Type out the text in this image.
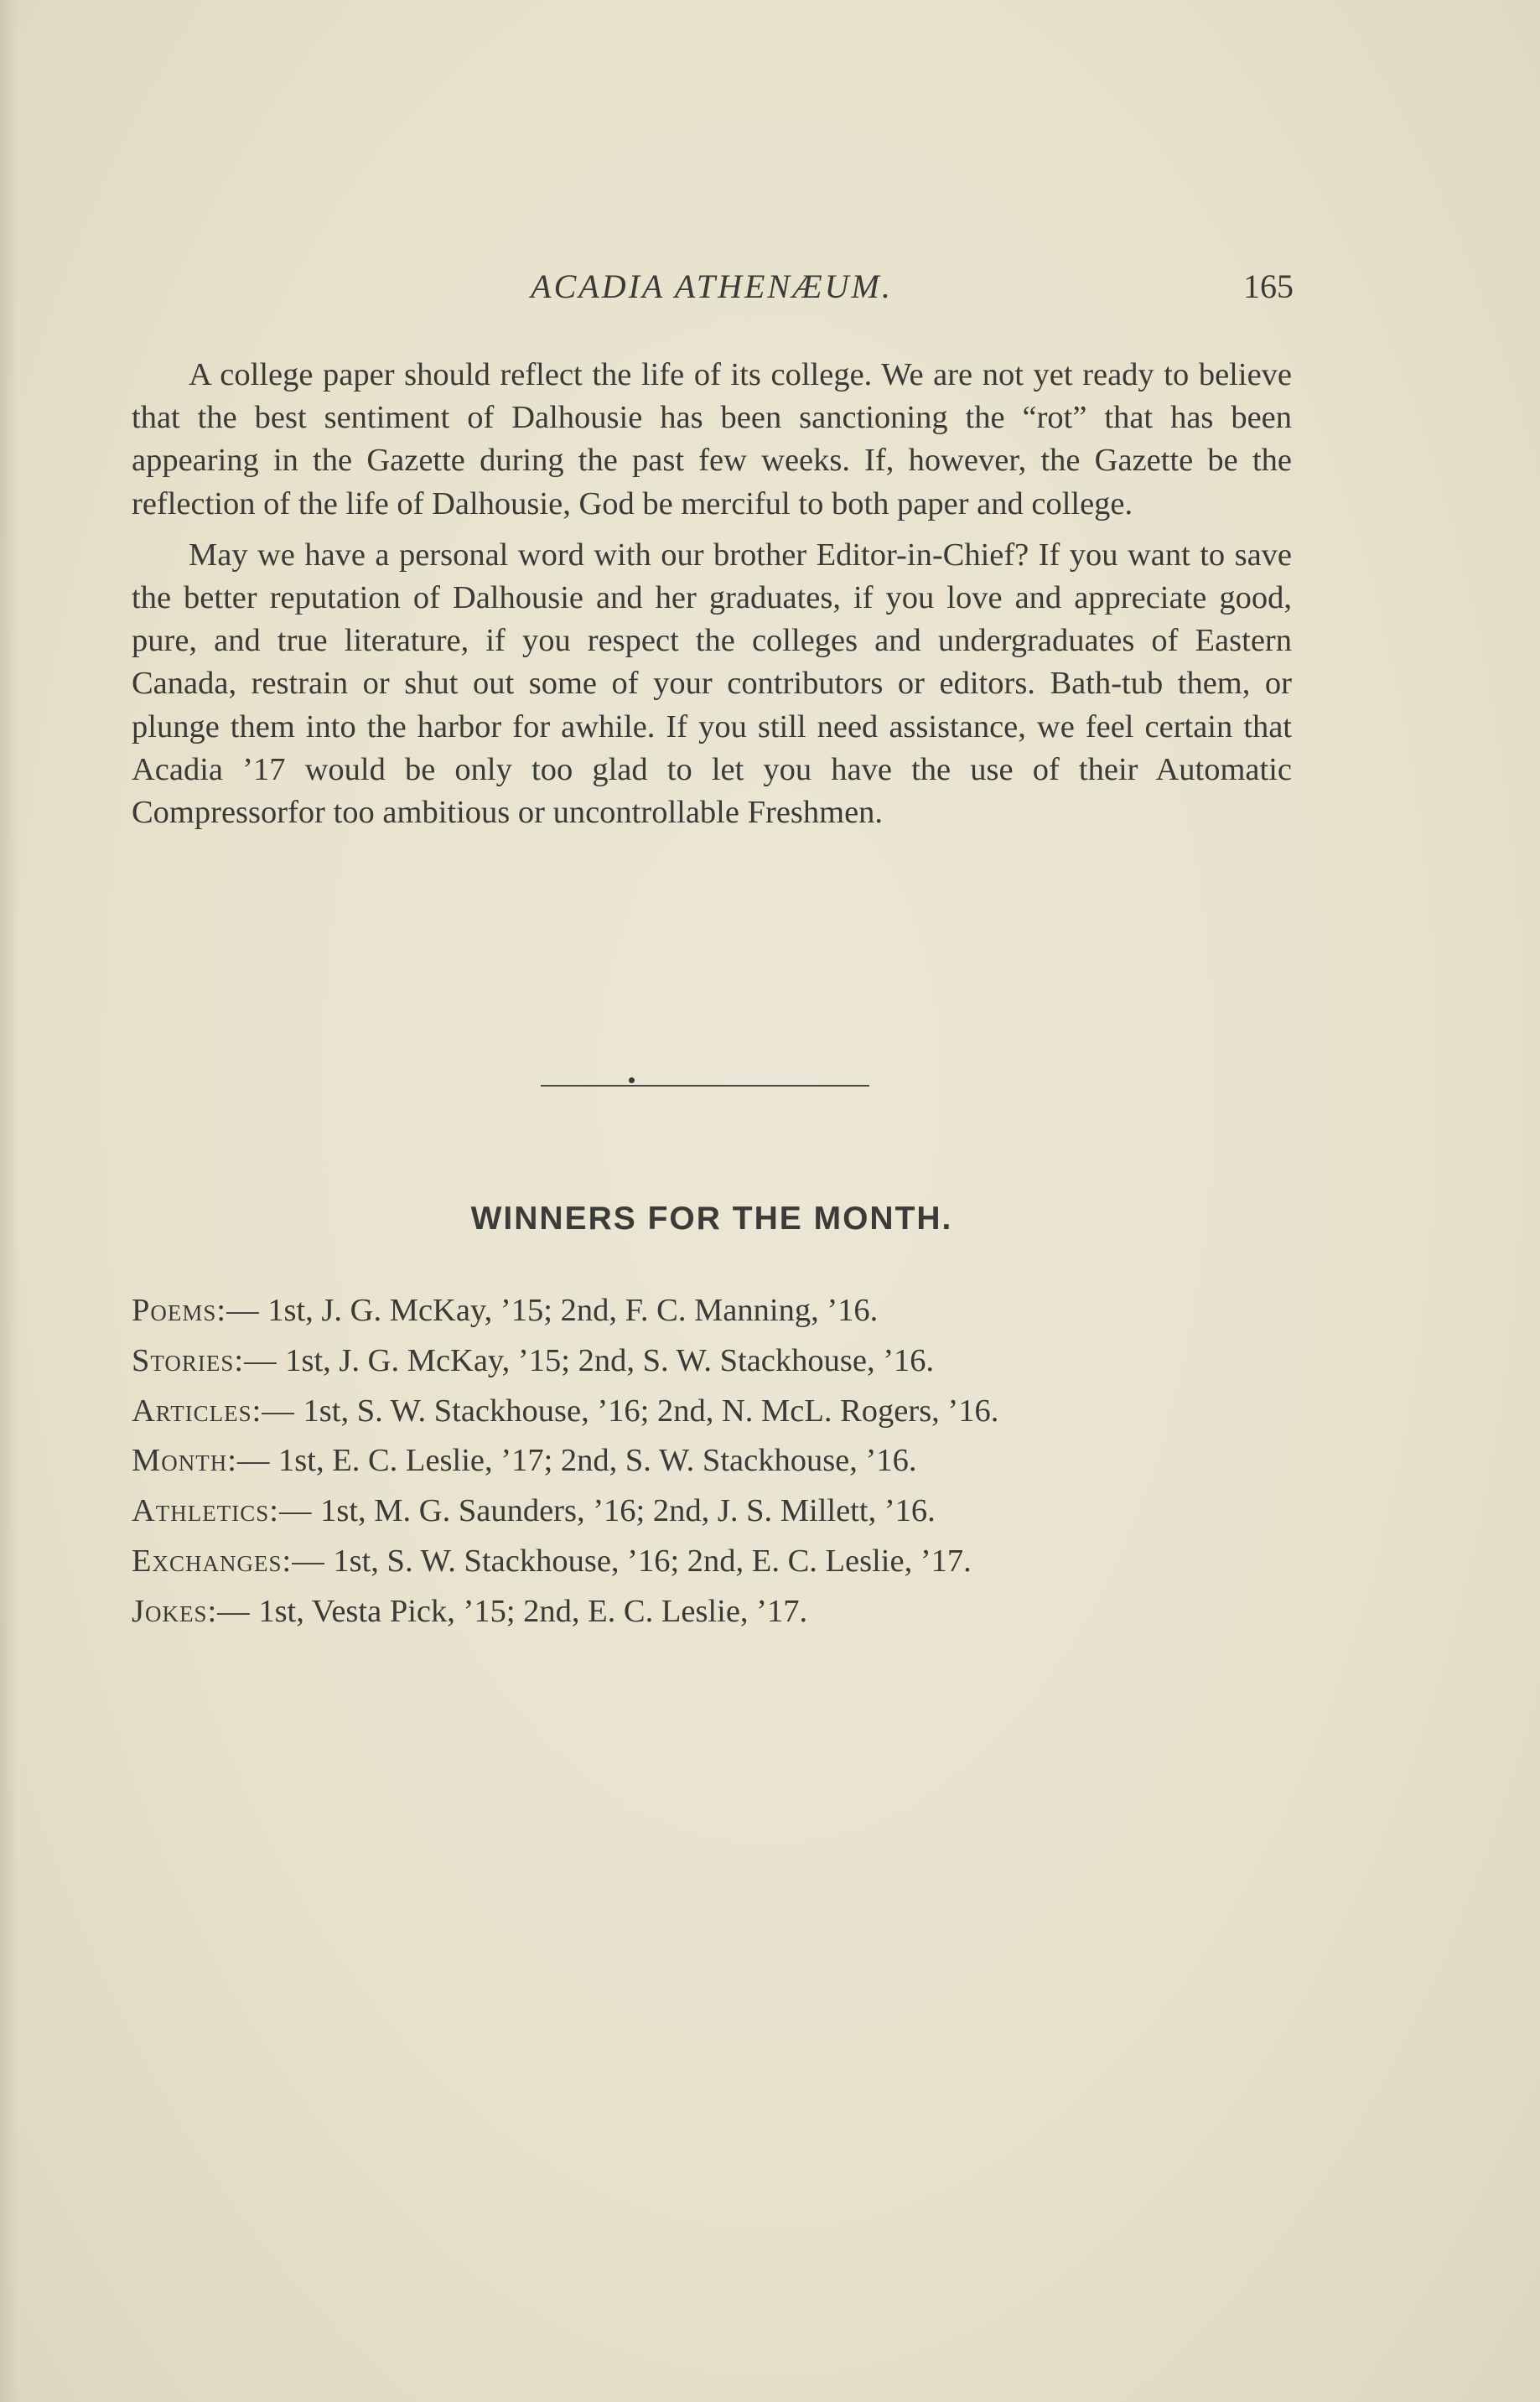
ACADIA ATHENÆUM.	165

A college paper should reflect the life of its college. We are not yet ready to believe that the best sentiment of Dalhousie has been sanctioning the “rot” that has been appearing in the Gazette during the past few weeks. If, however, the Gazette be the reflection of the life of Dalhousie, God be merciful to both paper and college.

May we have a personal word with our brother Editor-in-Chief? If you want to save the better reputation of Dalhousie and her graduates, if you love and appreciate good, pure, and true literature, if you respect the colleges and undergraduates of Eastern Canada, restrain or shut out some of your contributors or editors. Bath-tub them, or plunge them into the harbor for awhile. If you still need assistance, we feel certain that Acadia ’17 would be only too glad to let you have the use of their Automatic Compressorfor too ambitious or uncontrollable Freshmen.

WINNERS FOR THE MONTH.
Poems:— 1st, J. G. McKay, ’15; 2nd, F. C. Manning, ’16.
Stories:— 1st, J. G. McKay, ’15; 2nd, S. W. Stackhouse, ’16.
Articles:— 1st, S. W. Stackhouse, ’16; 2nd, N. McL. Rogers, ’16.
Month:— 1st, E. C. Leslie, ’17; 2nd, S. W. Stackhouse, ’16.
Athletics:— 1st, M. G. Saunders, ’16; 2nd, J. S. Millett, ’16.
Exchanges:— 1st, S. W. Stackhouse, ’16; 2nd, E. C. Leslie, ’17.
Jokes:— 1st, Vesta Pick, ’15; 2nd, E. C. Leslie, ’17.
